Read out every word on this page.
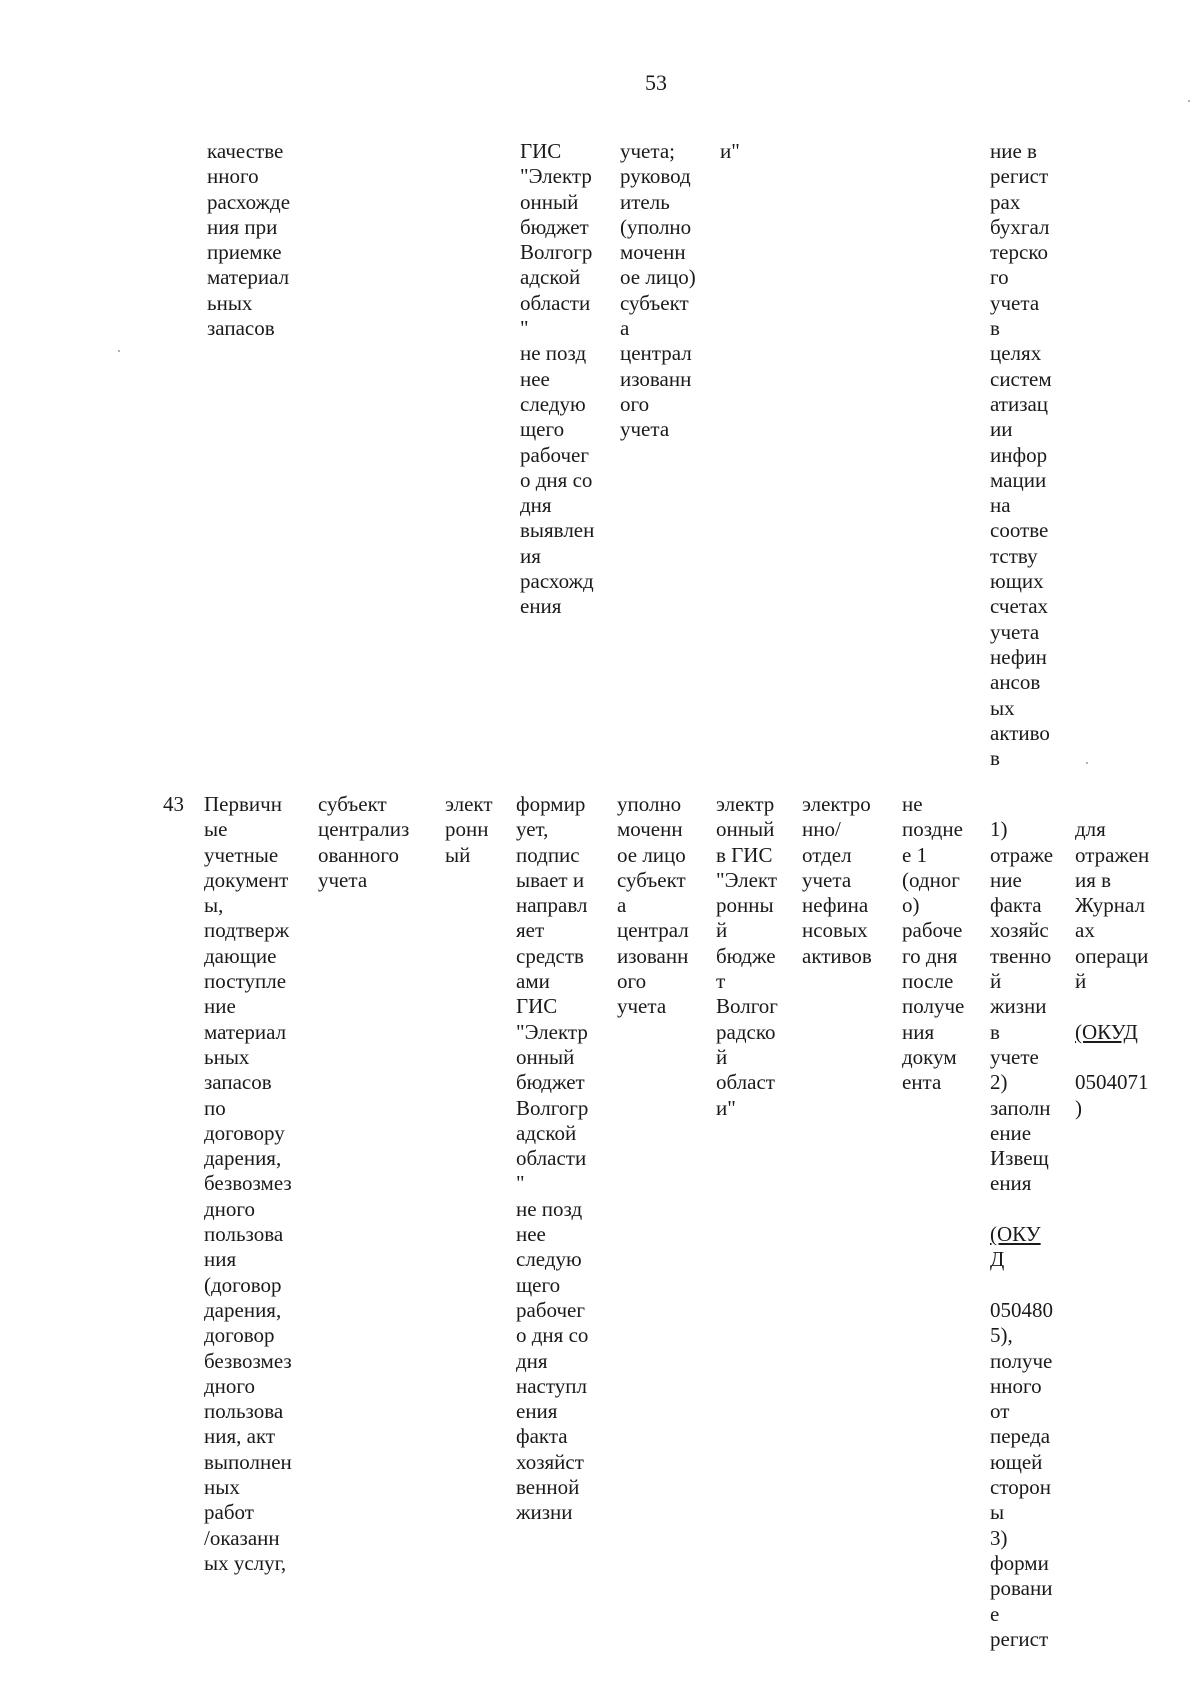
53
качестве
нного
расхожде
ния при
приемке
материал
ьных
запасов
ГИС
"Электр
онный
бюджет
Волгогр
адской
области
"
не позд
нее
следую
щего
рабочег
о дня со
дня
выявлен
ия
расхожд
ения
учета;
руковод
итель
(уполно
моченн
ое лицо)
субъект
а
централ
изованн
ого
учета
и"	ние в
регист
рах
бухгал
терско
го
учета
в
целях
систем
атизац
ии
инфор
мации
на
соотве
тству
ющих
счетах
учета
нефин
ансов
ых
активо
в
43 Первичн
ые
учетные
документ
ы,
подтверж
дающие
поступле
ние
материал
ьных
запасов
по
договору
дарения,
безвозмез
дного
пользова
ния
(договор
дарения,
договор
безвозмез
дного
пользова
ния, акт
выполнен
ных
работ
/оказанн
ых услуг,
субъект
централиз
ованного
учета
элект
ронн
ый
формир
ует,
подпис
ывает и
направл
яет
средств
ами
ГИС
"Электр
онный
бюджет
Волгогр
адской
области
"
не позд
нее
следую
щего
рабочег
о дня со
дня
наступл
ения
факта
хозяйст
венной
жизни
уполно
моченн
ое лицо
субъект
а
централ
изованн
ого
учета
электр
онный
в ГИС
"Элект
ронны
й
бюдже
т
Волгог
радско
й
област
и"
электро
нно/
отдел
учета
нефина
нсовых
активов
не
поздне
е 1
(одног
о)
рабоче
го дня
после
получе
ния
докум
ента

1)
отраже
ние
факта
хозяйс
твенно
й
жизни
в
учете
2)
заполн
ение
Извещ
ения

(ОКУ
Д

050480
5),
получе
нного
от
переда
ющей
сторон
ы
3)
форми
ровани
е
регист

для
отражен
ия в
Журнал
ах
операци
й

(ОКУД

0504071
)
